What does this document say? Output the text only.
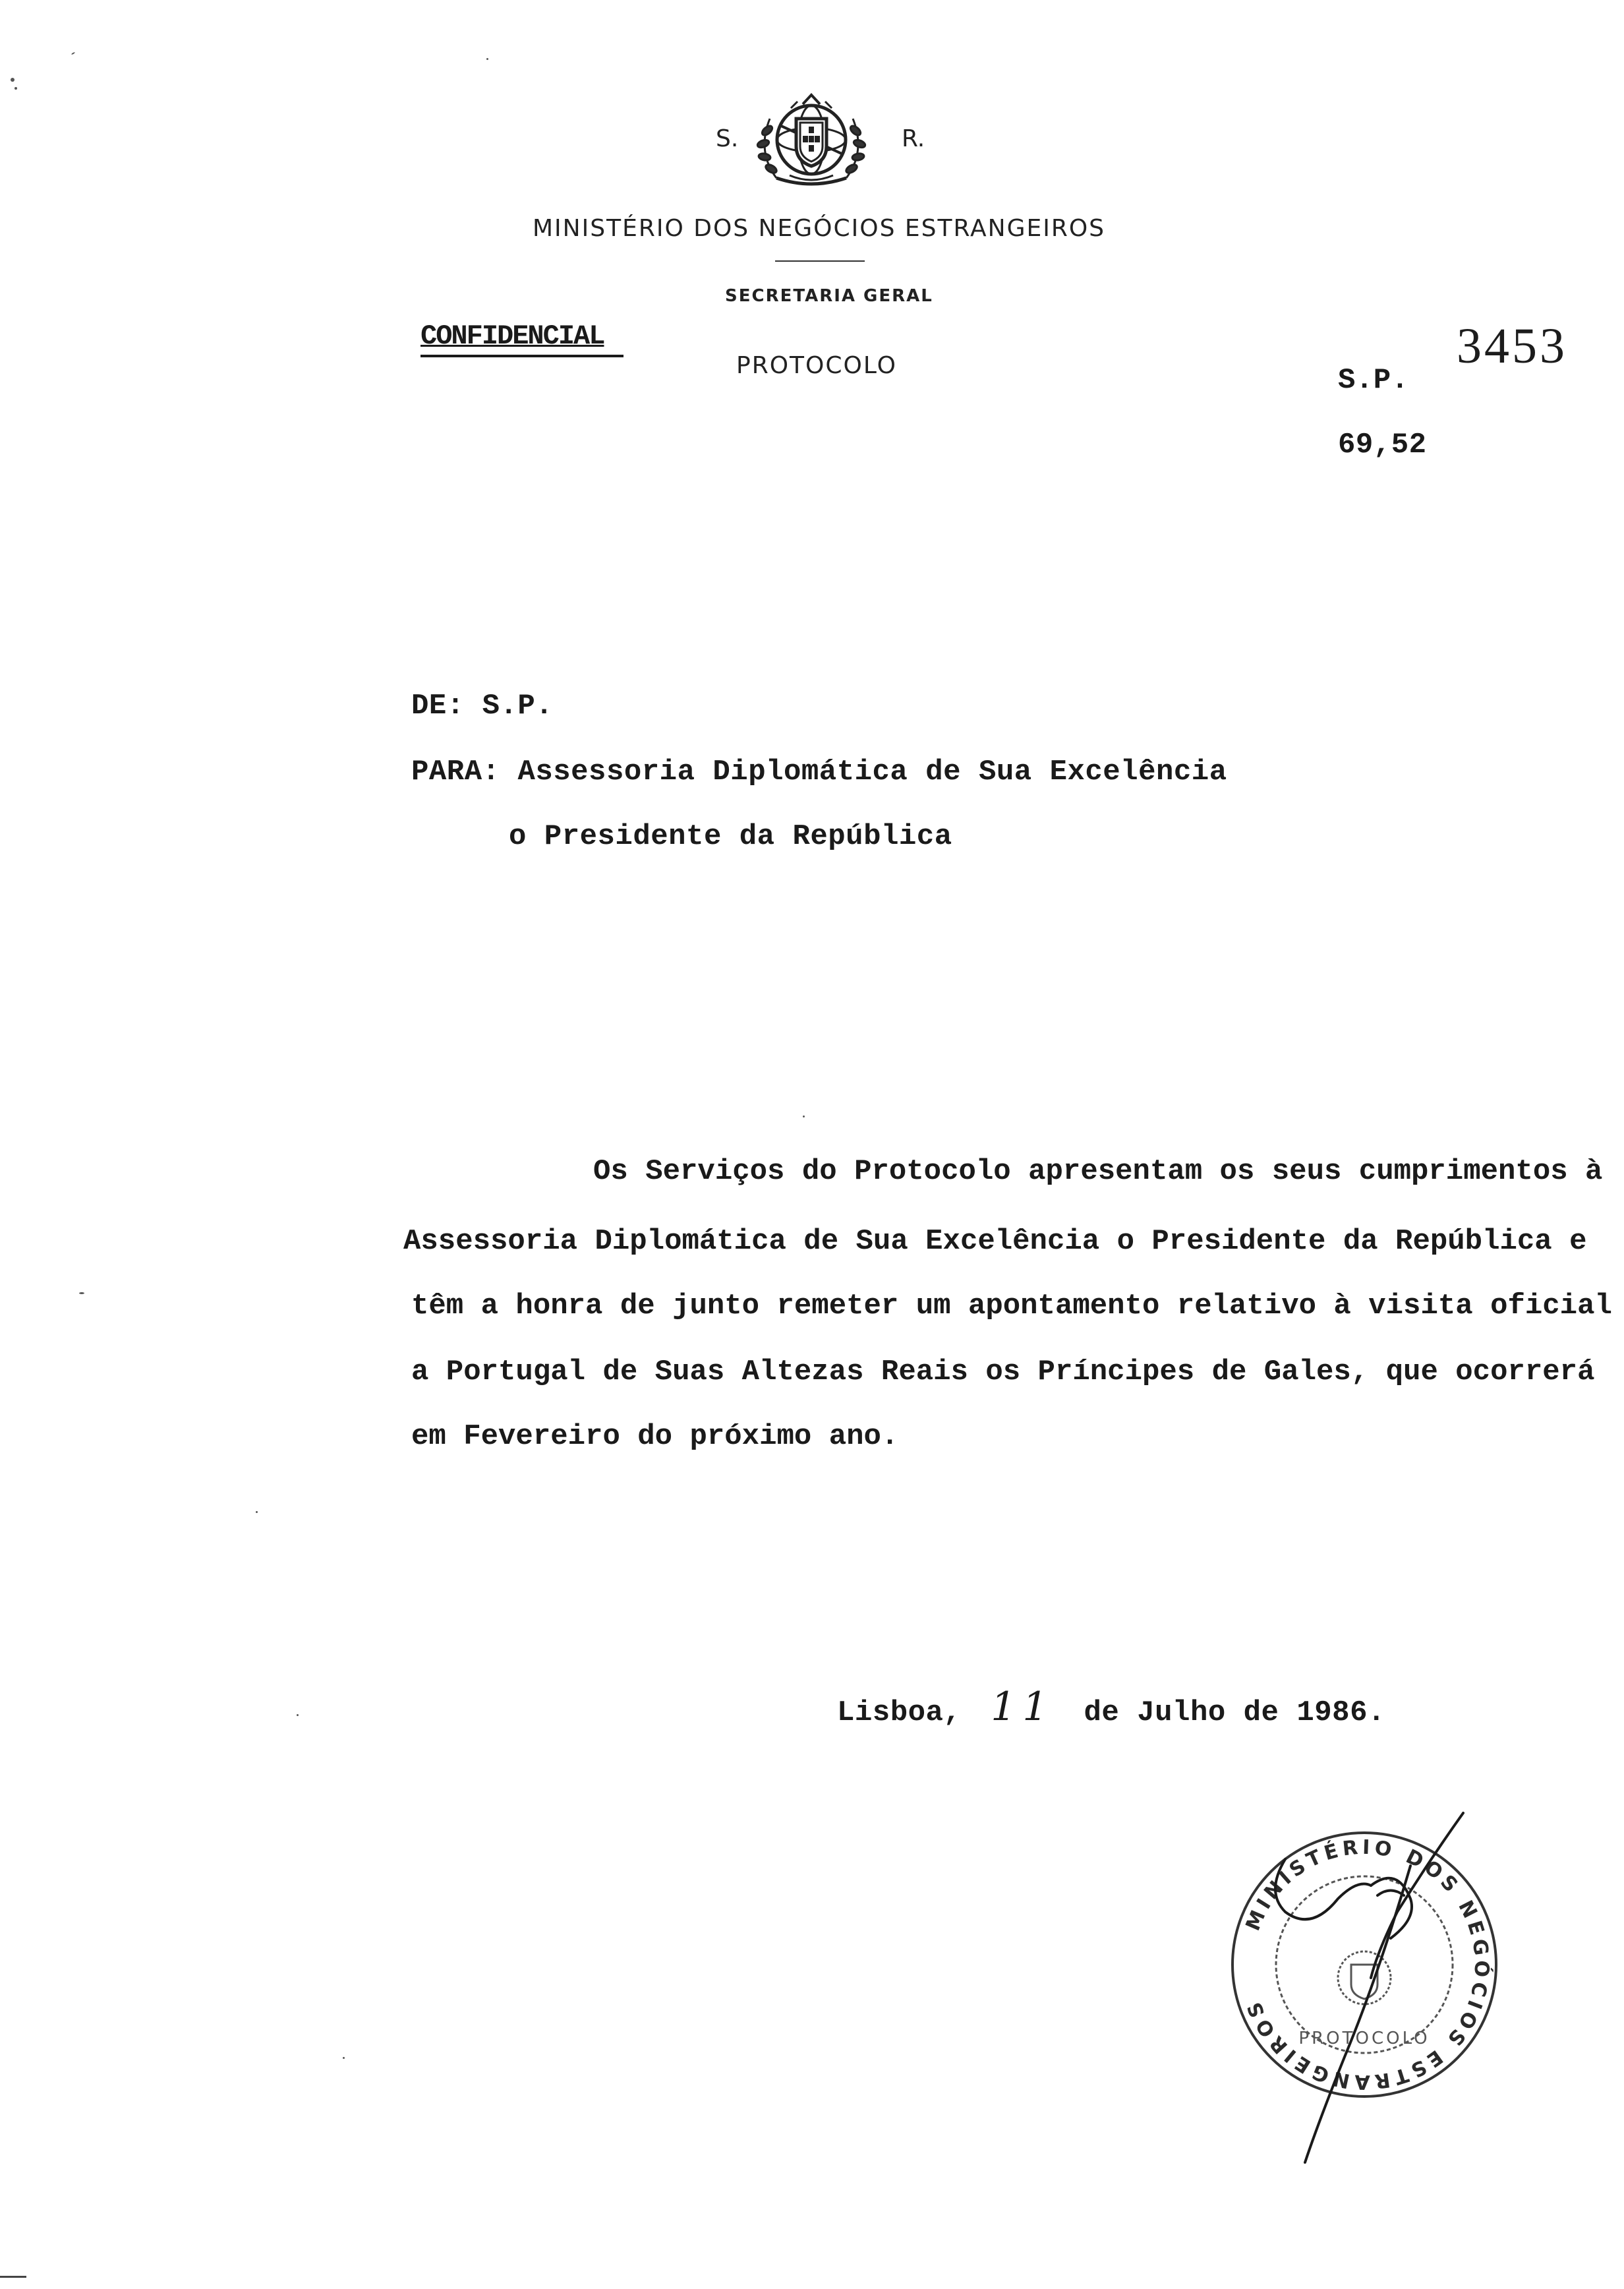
S.	R.
MINISTÉRIO DOS NEGÓCIOS ESTRANGEIROS
SECRETARIA GERAL
PROTOCOLO
CONFIDENCIAL	3453
S.P.
69,52
DE: S.P.
PARA: Assessoria Diplomática de Sua Excelência
o Presidente da República
Os Serviços do Protocolo apresentam os seus cumprimentos à
Assessoria Diplomática de Sua Excelência o Presidente da República e
têm a honra de junto remeter um apontamento relativo à visita oficial
a Portugal de Suas Altezas Reais os Príncipes de Gales, que ocorrerá
em Fevereiro do próximo ano.
Lisboa, 11 de Julho de 1986.
MINISTÉRIO DOS NEGÓCIOS ESTRANGEIROS
PROTOCOLO
